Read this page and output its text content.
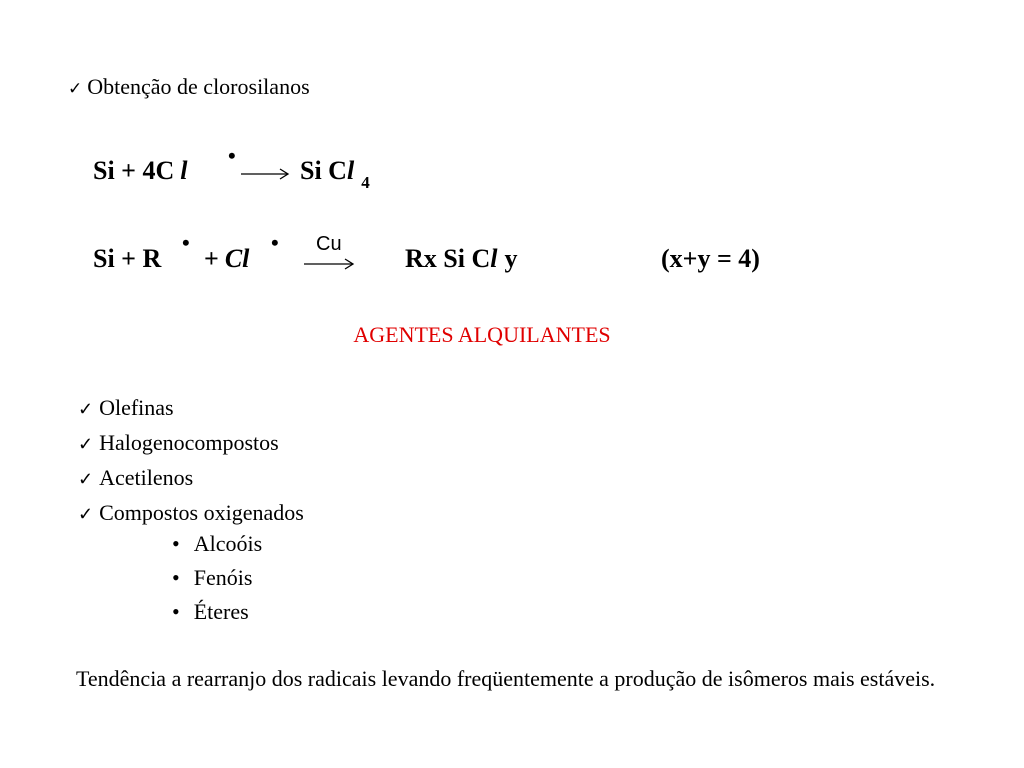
✓ Obtenção de clorosilanos
Si + 4C l
•
→ Si Cl $_4$
Si + R
•
+ Cl
• Cu Rx Si Cl y	(x+y = 4)
AGENTES ALQUILANTES
✓ Olefinas
✓ Halogenocompostos
✓ Acetilenos
✓ Compostos oxigenados
• Alcoóis
• Fenóis
• Éteres
Tendência a rearranjo dos radicais levando freqüentemente a produção de isômeros mais estáveis.
